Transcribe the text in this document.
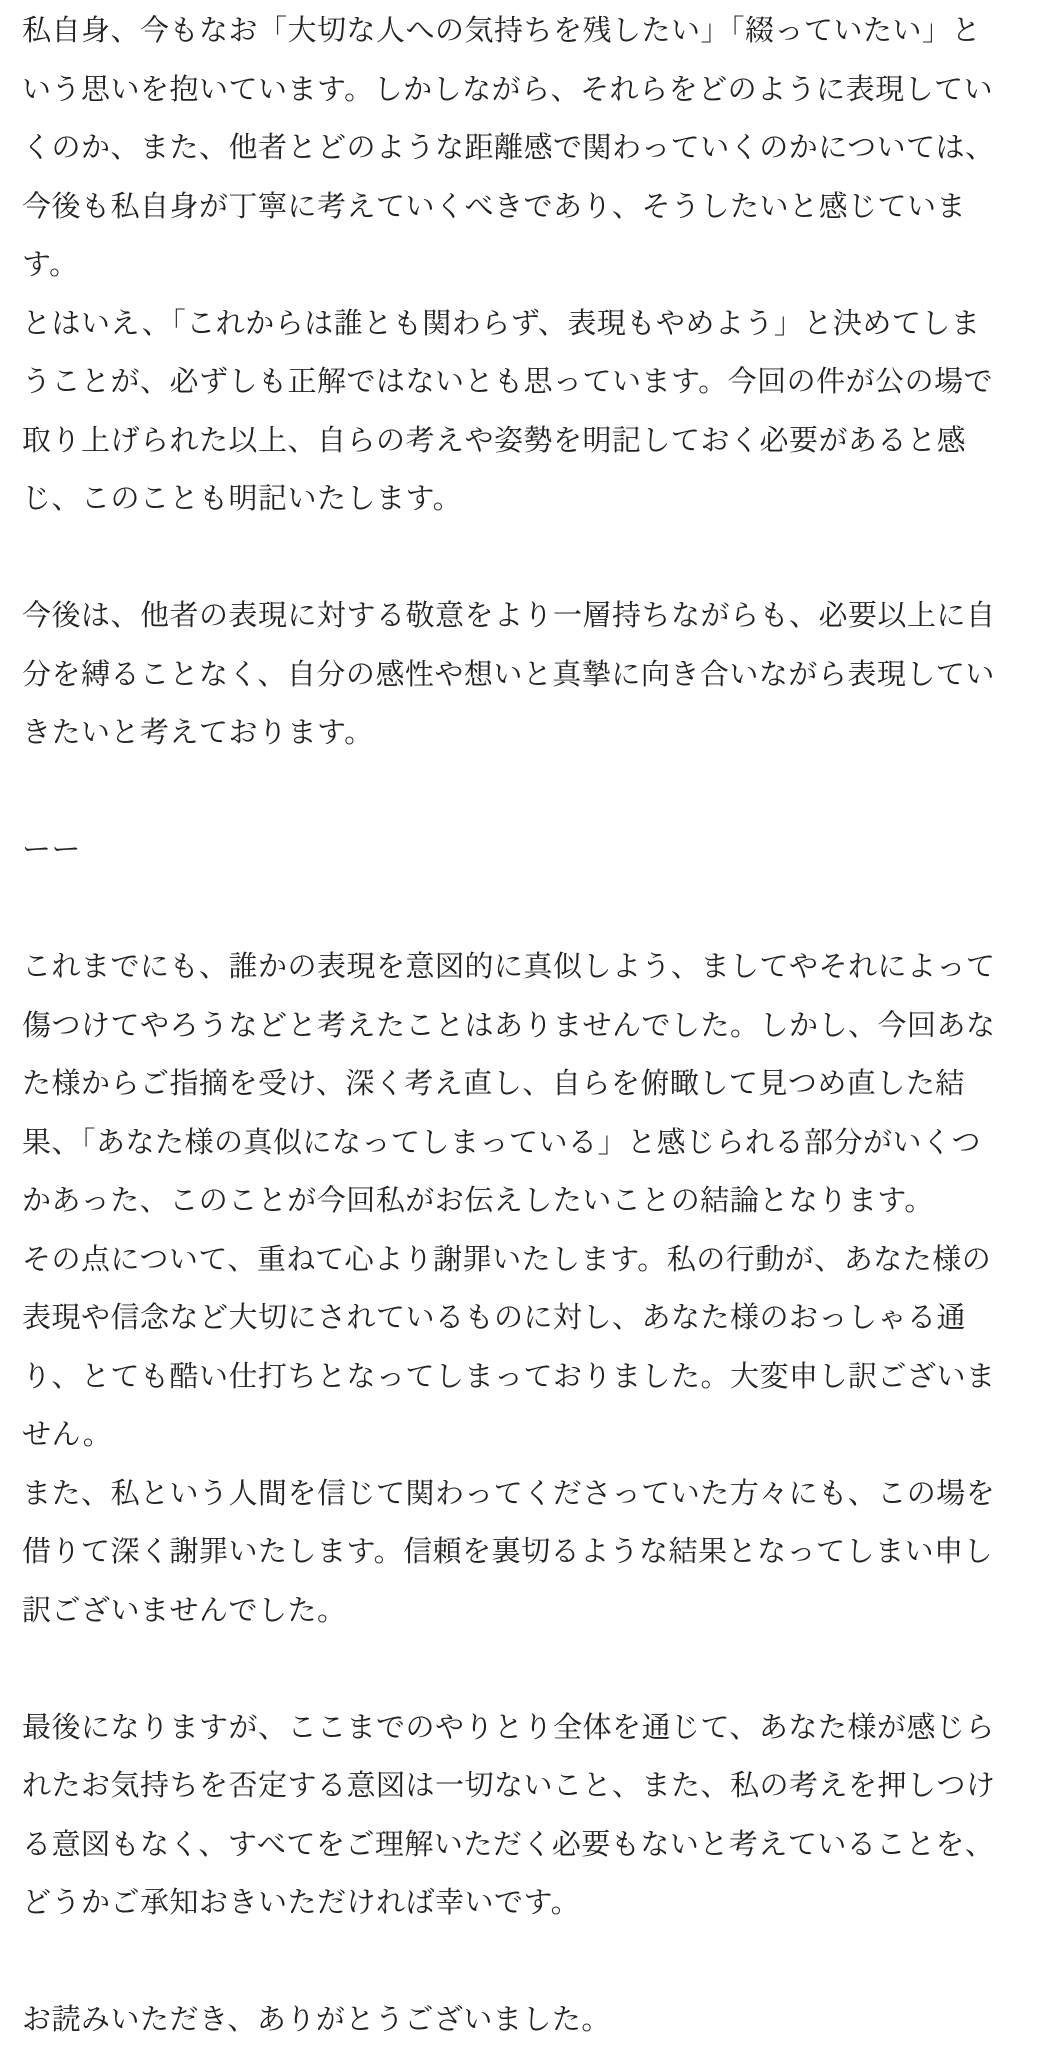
私自身、今もなお「大切な人への気持ちを残したい」「綴っていたい」と
いう思いを抱いています。しかしながら、それらをどのように表現してい
くのか、また、他者とどのような距離感で関わっていくのかについては、
今後も私自身が丁寧に考えていくべきであり、そうしたいと感じていま
す。
とはいえ、「これからは誰とも関わらず、表現もやめよう」と決めてしま
うことが、必ずしも正解ではないとも思っています。今回の件が公の場で
取り上げられた以上、自らの考えや姿勢を明記しておく必要があると感
じ、このことも明記いたします。
今後は、他者の表現に対する敬意をより一層持ちながらも、必要以上に自
分を縛ることなく、自分の感性や想いと真摯に向き合いながら表現してい
きたいと考えております。
ーー
これまでにも、誰かの表現を意図的に真似しよう、ましてやそれによって
傷つけてやろうなどと考えたことはありませんでした。しかし、今回あな
た様からご指摘を受け、深く考え直し、自らを俯瞰して見つめ直した結
果、「あなた様の真似になってしまっている」と感じられる部分がいくつ
かあった、このことが今回私がお伝えしたいことの結論となります。
その点について、重ねて心より謝罪いたします。私の行動が、あなた様の
表現や信念など大切にされているものに対し、あなた様のおっしゃる通
り、とても酷い仕打ちとなってしまっておりました。大変申し訳ございま
せん。
また、私という人間を信じて関わってくださっていた方々にも、この場を
借りて深く謝罪いたします。信頼を裏切るような結果となってしまい申し
訳ございませんでした。
最後になりますが、ここまでのやりとり全体を通じて、あなた様が感じら
れたお気持ちを否定する意図は一切ないこと、また、私の考えを押しつけ
る意図もなく、すべてをご理解いただく必要もないと考えていることを、
どうかご承知おきいただければ幸いです。
お読みいただき、ありがとうございました。
